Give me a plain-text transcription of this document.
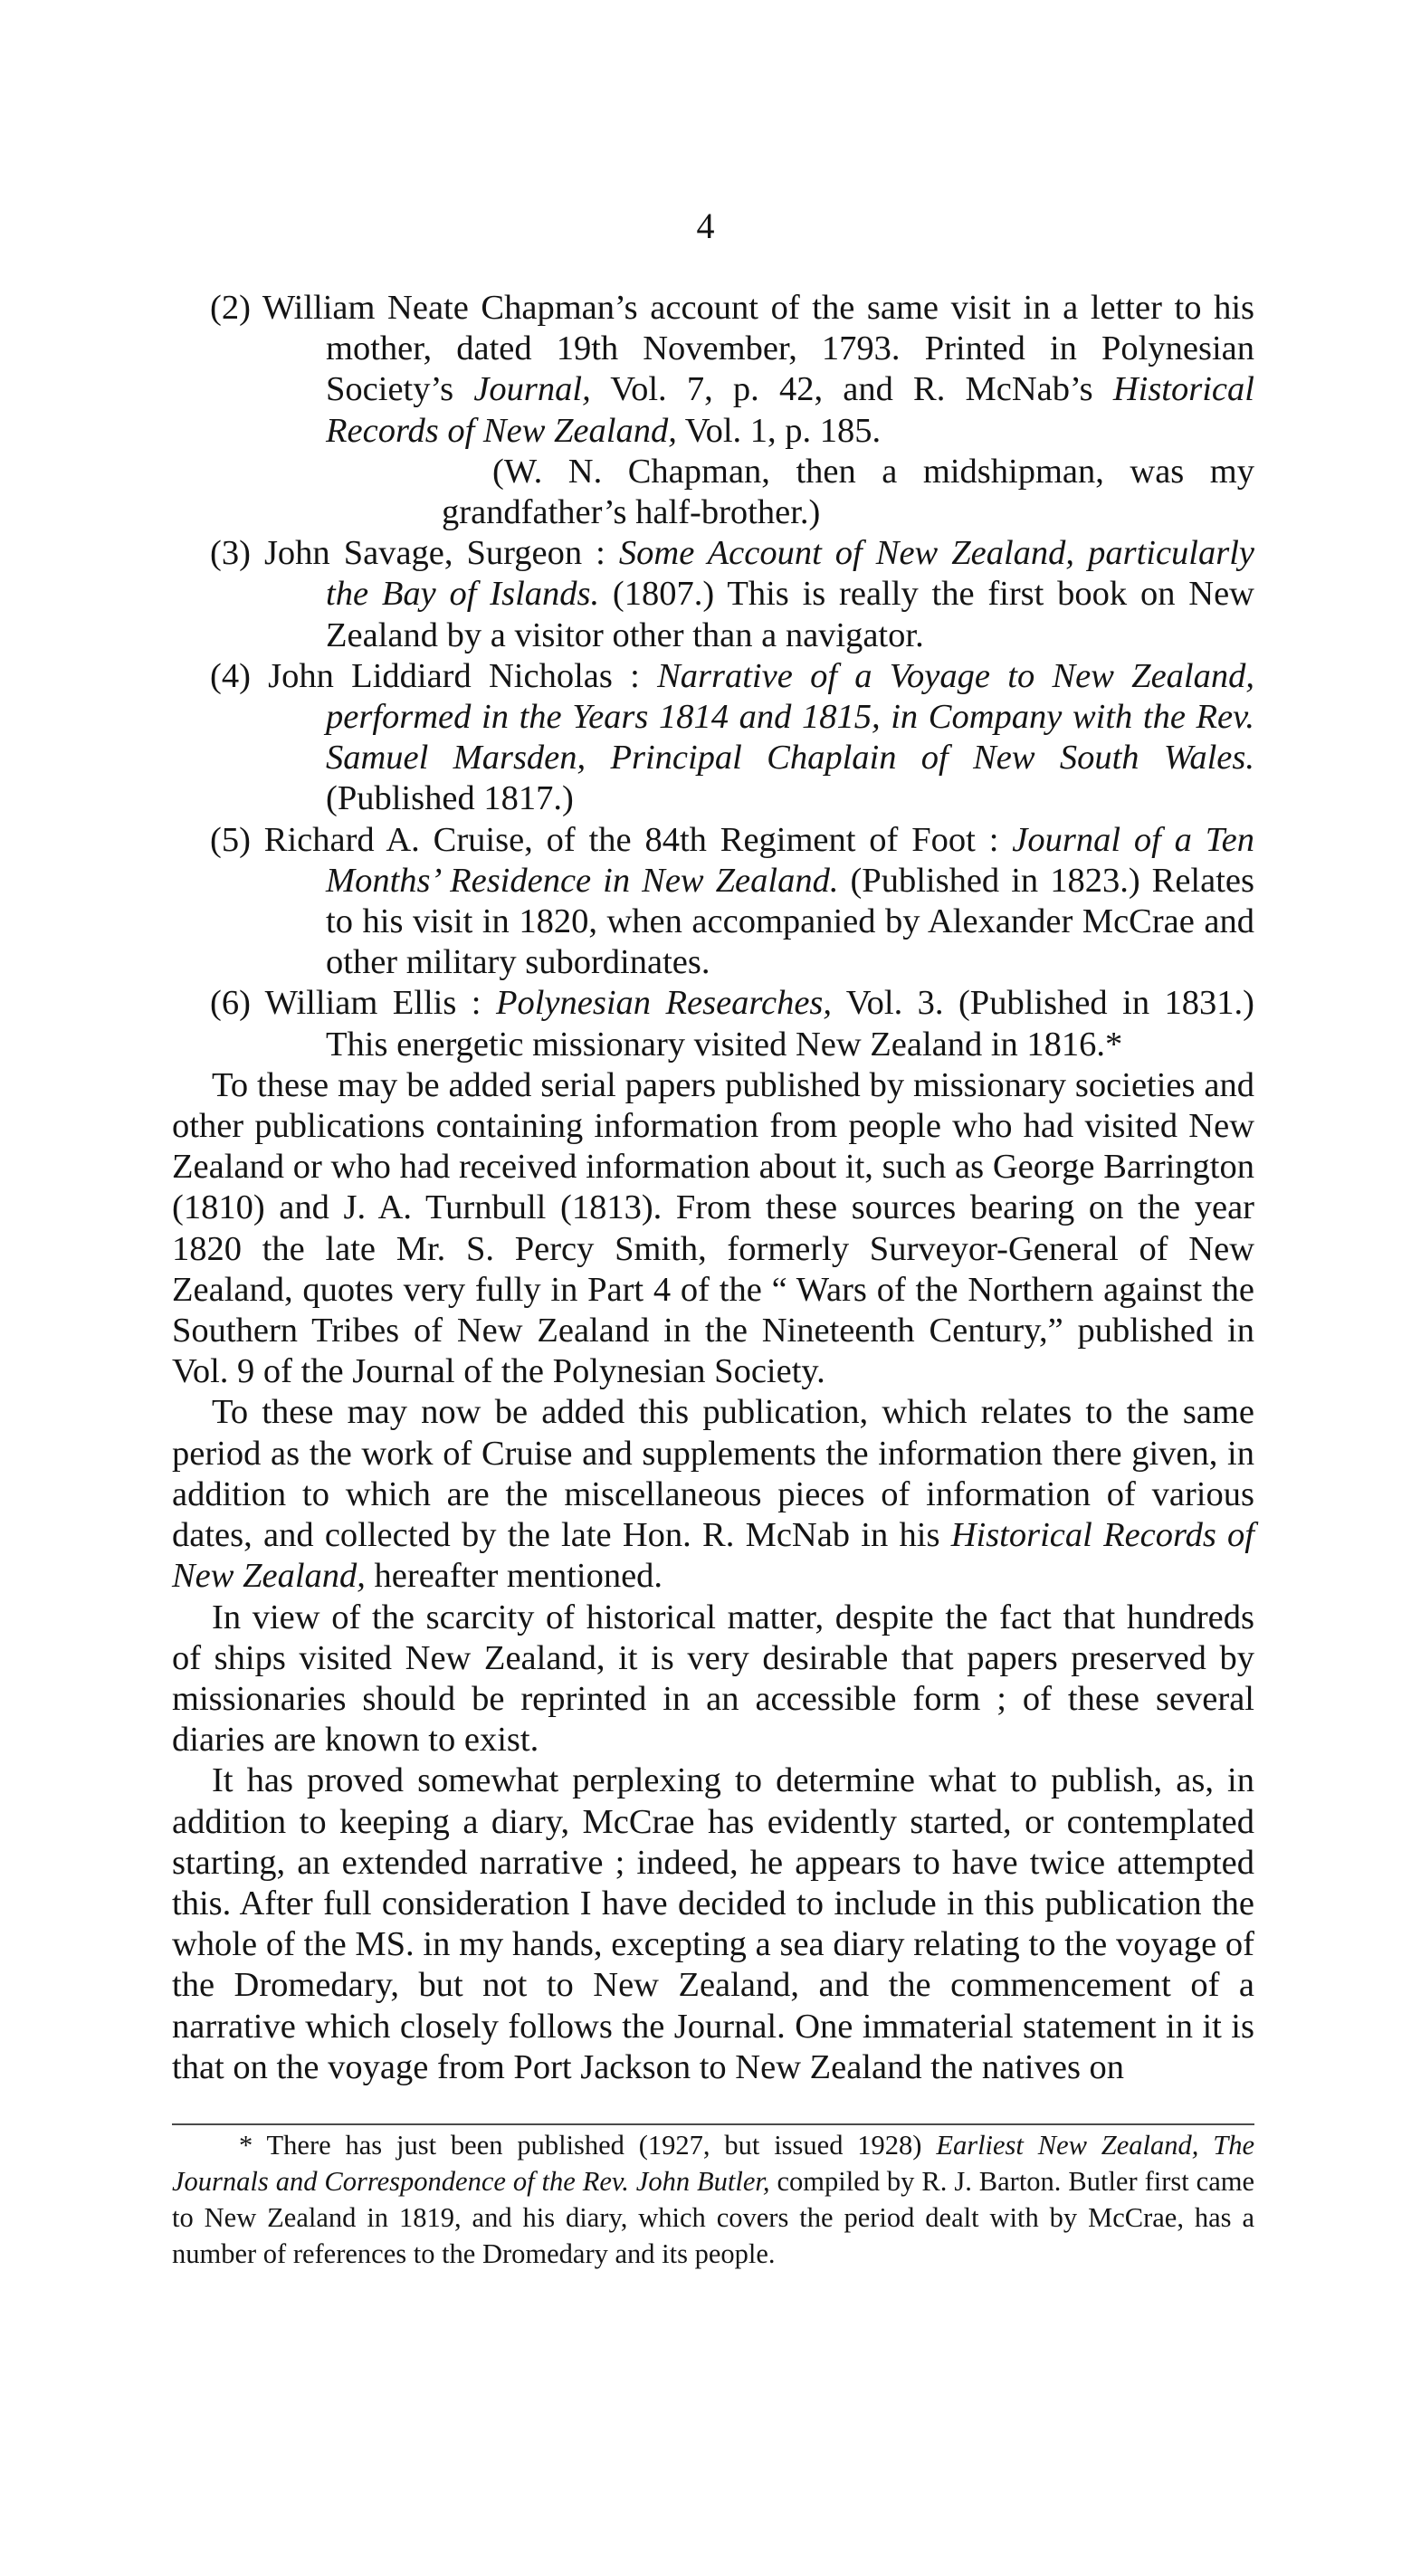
4
(2) William Neate Chapman’s account of the same visit in a letter to his mother, dated 19th November, 1793. Printed in Polynesian Society’s Journal, Vol. 7, p. 42, and R. McNab’s Historical Records of New Zealand, Vol. 1, p. 185.
(W. N. Chapman, then a midshipman, was my grandfather’s half-brother.)
(3) John Savage, Surgeon : Some Account of New Zealand, particularly the Bay of Islands. (1807.) This is really the first book on New Zealand by a visitor other than a navigator.
(4) John Liddiard Nicholas : Narrative of a Voyage to New Zealand, performed in the Years 1814 and 1815, in Company with the Rev. Samuel Marsden, Principal Chaplain of New South Wales. (Published 1817.)
(5) Richard A. Cruise, of the 84th Regiment of Foot : Journal of a Ten Months’ Residence in New Zealand. (Published in 1823.) Relates to his visit in 1820, when accompanied by Alexander McCrae and other military subordinates.
(6) William Ellis : Polynesian Researches, Vol. 3. (Published in 1831.) This energetic missionary visited New Zealand in 1816.*

To these may be added serial papers published by missionary societies and other publications containing information from people who had visited New Zealand or who had received information about it, such as George Barrington (1810) and J. A. Turnbull (1813). From these sources bearing on the year 1820 the late Mr. S. Percy Smith, formerly Surveyor-General of New Zealand, quotes very fully in Part 4 of the “ Wars of the Northern against the Southern Tribes of New Zealand in the Nineteenth Century,” published in Vol. 9 of the Journal of the Polynesian Society.

To these may now be added this publication, which relates to the same period as the work of Cruise and supplements the information there given, in addition to which are the miscellaneous pieces of information of various dates, and collected by the late Hon. R. McNab in his Historical Records of New Zealand, hereafter mentioned.

In view of the scarcity of historical matter, despite the fact that hundreds of ships visited New Zealand, it is very desirable that papers preserved by missionaries should be reprinted in an accessible form ; of these several diaries are known to exist.

It has proved somewhat perplexing to determine what to publish, as, in addition to keeping a diary, McCrae has evidently started, or contemplated starting, an extended narrative ; indeed, he appears to have twice attempted this. After full consideration I have decided to include in this publication the whole of the MS. in my hands, excepting a sea diary relating to the voyage of the Dromedary, but not to New Zealand, and the commencement of a narrative which closely follows the Journal. One immaterial statement in it is that on the voyage from Port Jackson to New Zealand the natives on

* There has just been published (1927, but issued 1928) Earliest New Zealand, The Journals and Correspondence of the Rev. John Butler, compiled by R. J. Barton. Butler first came to New Zealand in 1819, and his diary, which covers the period dealt with by McCrae, has a number of references to the Dromedary and its people.
